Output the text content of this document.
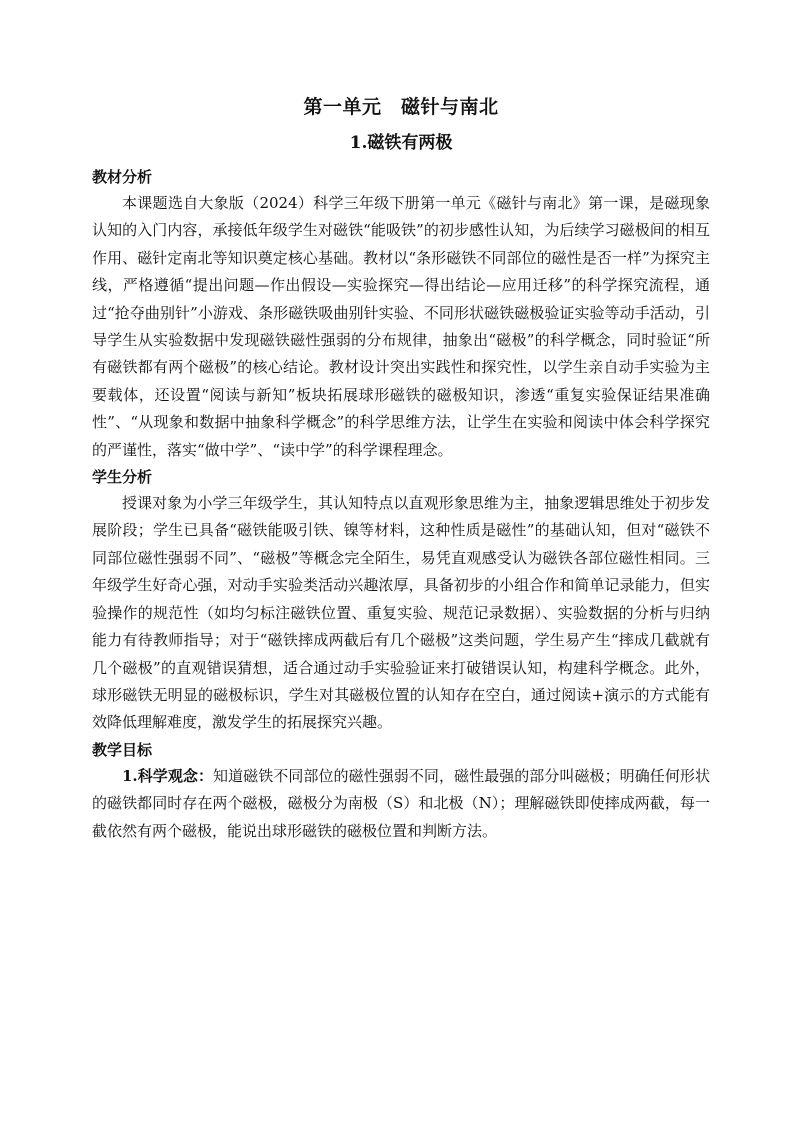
第一单元　磁针与南北
1.磁铁有两极

教材分析

本课题选自大象版（2024）科学三年级下册第一单元《磁针与南北》第一课，是磁现象认知的入门内容，承接低年级学生对磁铁“能吸铁”的初步感性认知，为后续学习磁极间的相互作用、磁针定南北等知识奠定核心基础。教材以“条形磁铁不同部位的磁性是否一样”为探究主线，严格遵循“提出问题—作出假设—实验探究—得出结论—应用迁移”的科学探究流程，通过“抢夺曲别针”小游戏、条形磁铁吸曲别针实验、不同形状磁铁磁极验证实验等动手活动，引导学生从实验数据中发现磁铁磁性强弱的分布规律，抽象出“磁极”的科学概念，同时验证“所有磁铁都有两个磁极”的核心结论。教材设计突出实践性和探究性，以学生亲自动手实验为主要载体，还设置“阅读与新知”板块拓展球形磁铁的磁极知识，渗透“重复实验保证结果准确性”、“从现象和数据中抽象科学概念”的科学思维方法，让学生在实验和阅读中体会科学探究的严谨性，落实“做中学”、“读中学”的科学课程理念。

学生分析

授课对象为小学三年级学生，其认知特点以直观形象思维为主，抽象逻辑思维处于初步发展阶段；学生已具备“磁铁能吸引铁、镍等材料，这种性质是磁性”的基础认知，但对“磁铁不同部位磁性强弱不同”、“磁极”等概念完全陌生，易凭直观感受认为磁铁各部位磁性相同。三年级学生好奇心强，对动手实验类活动兴趣浓厚，具备初步的小组合作和简单记录能力，但实验操作的规范性（如均匀标注磁铁位置、重复实验、规范记录数据）、实验数据的分析与归纳能力有待教师指导；对于“磁铁摔成两截后有几个磁极”这类问题，学生易产生“摔成几截就有几个磁极”的直观错误猜想，适合通过动手实验验证来打破错误认知，构建科学概念。此外，球形磁铁无明显的磁极标识，学生对其磁极位置的认知存在空白，通过阅读+演示的方式能有效降低理解难度，激发学生的拓展探究兴趣。

教学目标

1.科学观念：知道磁铁不同部位的磁性强弱不同，磁性最强的部分叫磁极；明确任何形状的磁铁都同时存在两个磁极，磁极分为南极（S）和北极（N）；理解磁铁即使摔成两截，每一截依然有两个磁极，能说出球形磁铁的磁极位置和判断方法。
